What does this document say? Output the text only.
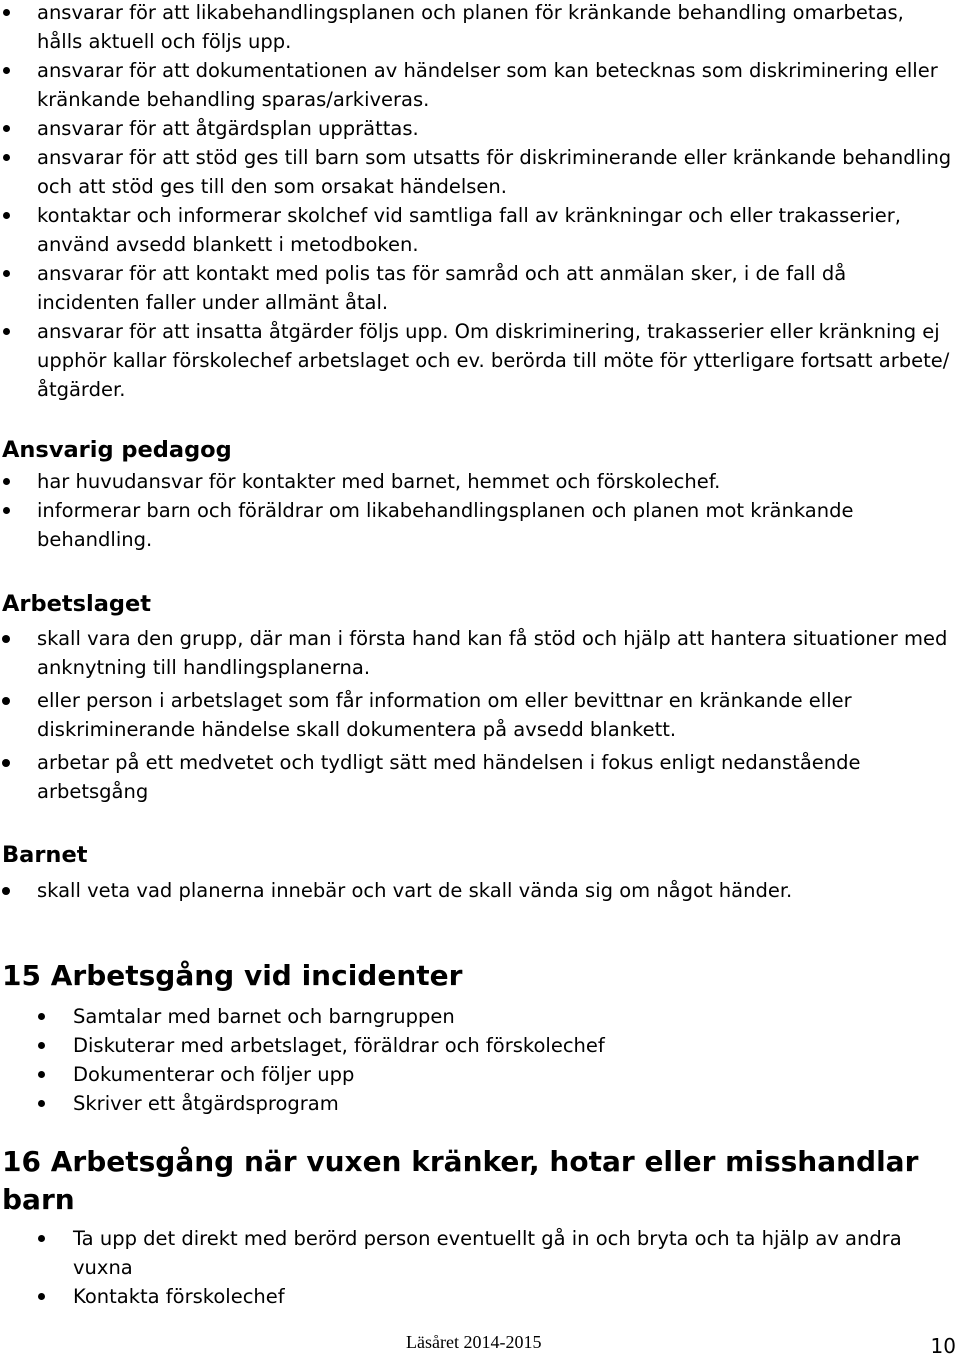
ansvarar för att likabehandlingsplanen och planen för kränkande behandling omarbetas, hålls aktuell och följs upp.
ansvarar för att dokumentationen av händelser som kan betecknas som diskriminering eller kränkande behandling sparas/arkiveras.
ansvarar för att åtgärdsplan upprättas.
ansvarar för att stöd ges till barn som utsatts för diskriminerande eller kränkande behandling och att stöd ges till den som orsakat händelsen.
kontaktar och informerar skolchef vid samtliga fall av kränkningar och eller trakasserier, använd avsedd blankett i metodboken.
ansvarar för att kontakt med polis tas för samråd och att anmälan sker, i de fall då incidenten faller under allmänt åtal.
ansvarar för att insatta åtgärder följs upp. Om diskriminering, trakasserier eller kränkning ej upphör kallar förskolechef arbetslaget och ev. berörda till möte för ytterligare fortsatt arbete/åtgärder.
Ansvarig pedagog
har huvudansvar för kontakter med barnet, hemmet och förskolechef.
informerar barn och föräldrar om likabehandlingsplanen och planen mot kränkande behandling.
Arbetslaget
skall vara den grupp, där man i första hand kan få stöd och hjälp att hantera situationer med anknytning till handlingsplanerna.
eller person i arbetslaget som får information om eller bevittnar en kränkande eller diskriminerande händelse skall dokumentera på avsedd blankett.
arbetar på ett medvetet och tydligt sätt med händelsen i fokus enligt nedanstående arbetsgång
Barnet
skall veta vad planerna innebär och vart de skall vända sig om något händer.
15 Arbetsgång vid incidenter
Samtalar med barnet och barngruppen
Diskuterar med arbetslaget, föräldrar och förskolechef
Dokumenterar och följer upp
Skriver ett åtgärdsprogram
16 Arbetsgång när vuxen kränker, hotar eller misshandlar barn
Ta upp det direkt med berörd person eventuellt gå in och bryta och ta hjälp av andra vuxna
Kontakta förskolechef
Läsåret 2014-2015	10
